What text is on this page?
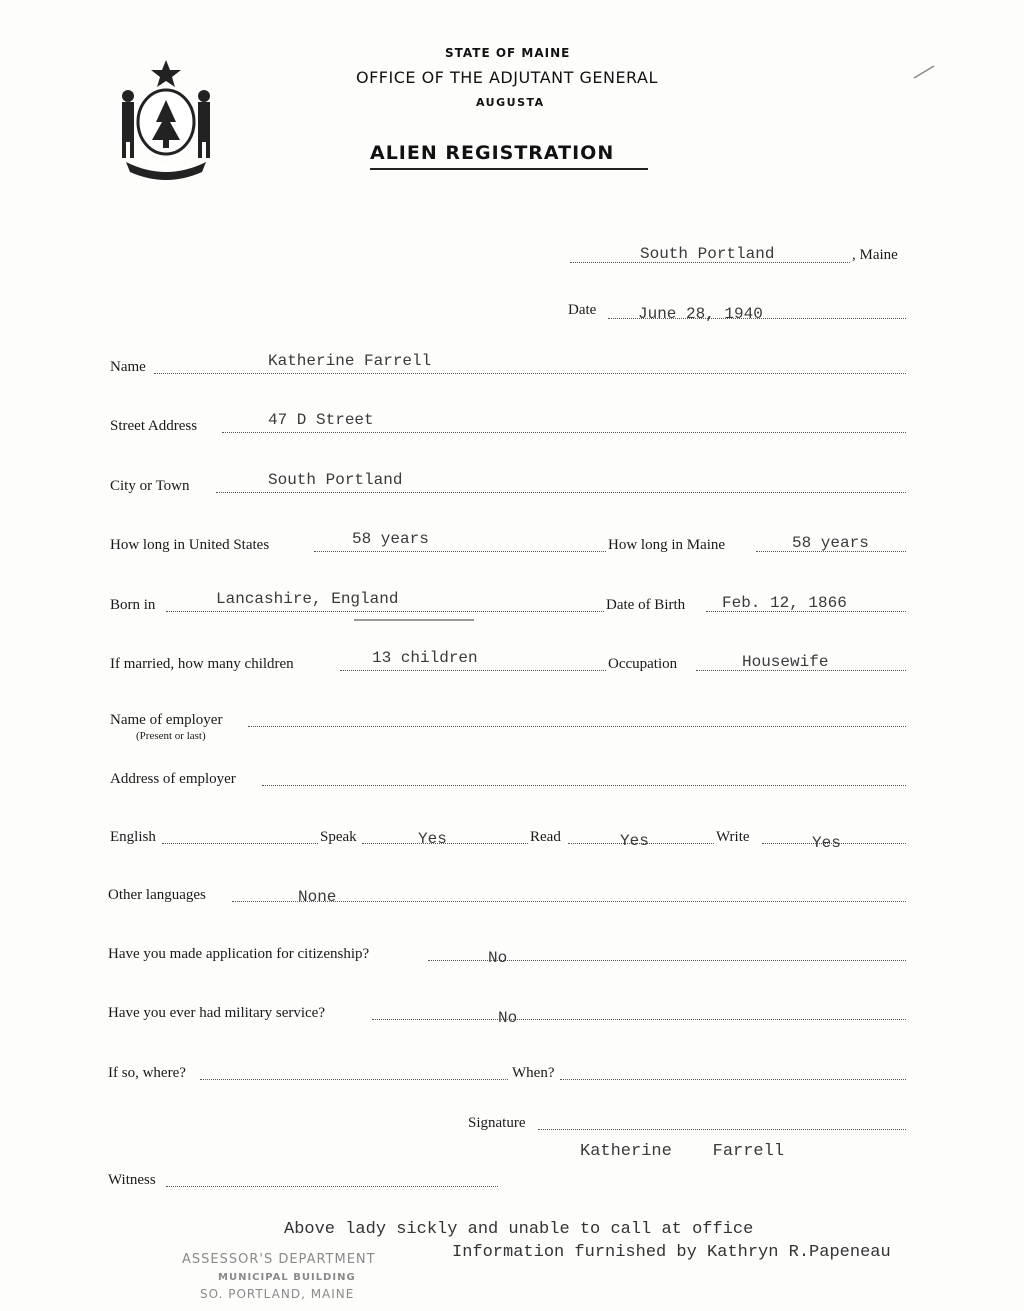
MAINE
STATE OF MAINE
OFFICE OF THE ADJUTANT GENERAL
AUGUSTA
ALIEN REGISTRATION
South Portland	, Maine
Date	June 28, 1940
Name	Katherine Farrell
Street Address	47 D Street
City or Town	South Portland
How long in United States	58 years	How long in Maine	58 years
Born in	Lancashire, England	Date of Birth Feb. 12, 1866
If married, how many children	13 children	Occupation	Housewife
Name of employer
(Present or last)
Address of employer
English	Speak	Yes	Read	Yes	Write	Yes
Other languages	None
Have you made application for citizenship?	No
Have you ever had military service?	No
If so, where?	When?
Signature
Katherine    Farrell
Witness
Above lady sickly and unable to call at office
Information furnished by Kathryn R.Papeneau
ASSESSOR'S DEPARTMENT
MUNICIPAL BUILDING
SO. PORTLAND, MAINE
